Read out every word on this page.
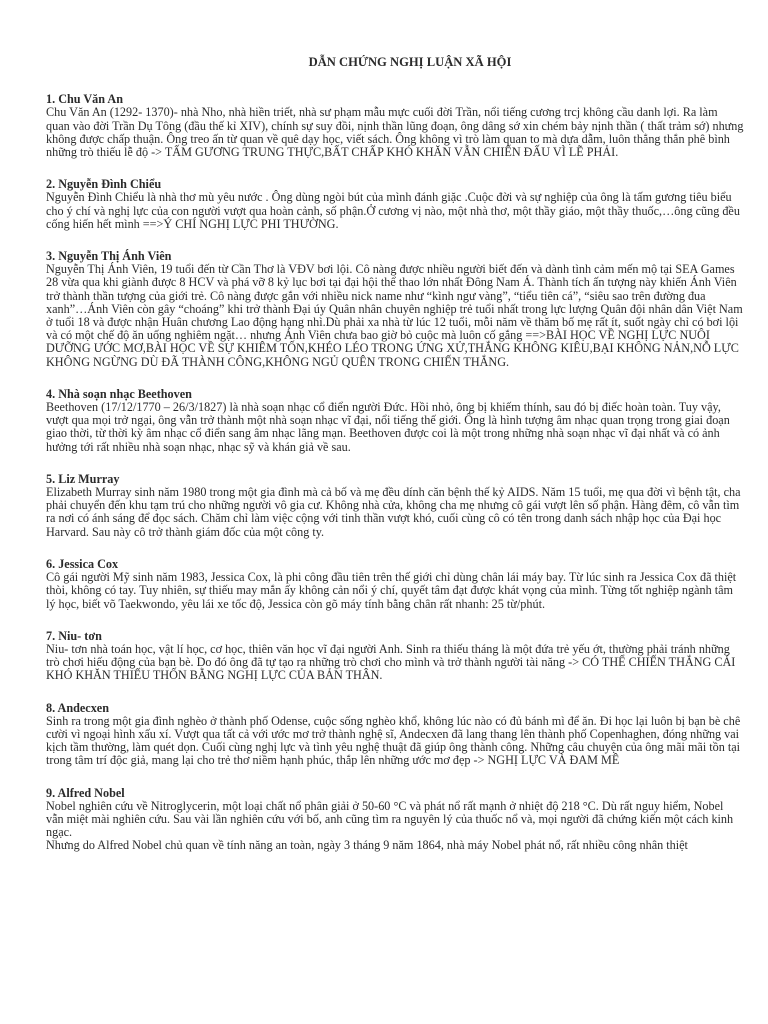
DẪN CHỨNG NGHỊ LUẬN XÃ HỘI
1. Chu Văn An

Chu Văn An (1292- 1370)- nhà Nho, nhà hiền triết, nhà sư phạm mẫu mực cuối đời Trần, nổi tiếng cương trcj không cầu danh lợi. Ra làm quan vào đời Trần Dụ Tông (đầu thế kỉ XIV), chính sự suy đồi, nịnh thần lũng đoạn, ông dâng sớ xin chém bảy nịnh thần ( thất trảm sớ) nhưng không được chấp thuận. Ông treo ấn từ quan về quê dạy học, viết sách. Ông không vì trò làm quan to mà dựa dẫm, luôn thẳng thắn phê bình những trò thiếu lễ độ -> TẤM GƯƠNG TRUNG THỰC,BẤT CHẤP KHÓ KHĂN VẪN CHIẾN ĐẤU VÌ LẼ PHẢI.

2. Nguyễn Đình Chiểu

Nguyễn Đình Chiểu là nhà thơ mù yêu nước . Ông dùng ngòi bút của mình đánh giặc .Cuộc đời và sự nghiệp của ông là tấm gương tiêu biểu cho ý chí và nghị lực của con người vượt qua hoàn cảnh, số phận.Ở cương vị nào, một nhà thơ, một thầy giáo, một thầy thuốc,…ông cũng đều cống hiến hết mình ==>Ý CHÍ NGHỊ LỰC PHI THƯỜNG.

3. Nguyễn Thị Ánh Viên

Nguyễn Thị Ánh Viên, 19 tuổi đến từ Cần Thơ là VĐV bơi lội. Cô nàng được nhiều người biết đến và dành tình cảm mến mộ tại SEA Games 28 vừa qua khi giành được 8 HCV và phá vỡ 8 kỷ lục bơi tại đại hội thể thao lớn nhất Đông Nam Á. Thành tích ấn tượng này khiến Ánh Viên trở thành thần tượng của giới trẻ. Cô nàng được gắn với nhiều nick name như “kình ngư vàng”, “tiểu tiên cá”, “siêu sao trên đường đua xanh”…Ánh Viên còn gây “choáng” khi trở thành Đại úy Quân nhân chuyên nghiệp trẻ tuổi nhất trong lực lượng Quân đội nhân dân Việt Nam ở tuổi 18 và được nhận Huân chương Lao động hạng nhì.Dù phải xa nhà từ lúc 12 tuổi, mỗi năm về thăm bố mẹ rất ít, suốt ngày chỉ có bơi lội và có một chế độ ăn uống nghiêm ngặt… nhưng Ánh Viên chưa bao giờ bỏ cuộc mà luôn cố gắng ==>BÀI HỌC VỀ NGHỊ LỰC NUÔI DƯỠNG ƯỚC MƠ,BÀI HỌC VỀ SỰ KHIÊM TỐN,KHÉO LÉO TRONG ỨNG XỬ,THẮNG KHÔNG KIÊU,BẠI KHÔNG NẢN,NỖ LỰC KHÔNG NGỪNG DÙ ĐÃ THÀNH CÔNG,KHÔNG NGỦ QUÊN TRONG CHIẾN THẮNG.

4. Nhà soạn nhạc Beethoven

Beethoven (17/12/1770 – 26/3/1827) là nhà soạn nhạc cổ điển người Đức. Hồi nhỏ, ông bị khiếm thính, sau đó bị điếc hoàn toàn. Tuy vậy, vượt qua mọi trở ngại, ông vẫn trở thành một nhà soạn nhạc vĩ đại, nổi tiếng thế giới. Ông là hình tượng âm nhạc quan trọng trong giai đoạn giao thời, từ thời kỳ âm nhạc cổ điển sang âm nhạc lãng mạn. Beethoven được coi là một trong những nhà soạn nhạc vĩ đại nhất và có ảnh hưởng tới rất nhiều nhà soạn nhạc, nhạc sỹ và khán giả về sau.

5. Liz Murray

Elizabeth Murray sinh năm 1980 trong một gia đình mà cả bố và mẹ đều dính căn bệnh thế kỷ AIDS. Năm 15 tuổi, mẹ qua đời vì bệnh tật, cha phải chuyển đến khu tạm trú cho những người vô gia cư. Không nhà cửa, không cha mẹ nhưng cô gái vượt lên số phận. Hàng đêm, cô vẫn tìm ra nơi có ánh sáng để đọc sách. Chăm chỉ làm việc cộng với tinh thần vượt khó, cuối cùng cô có tên trong danh sách nhập học của Đại học Harvard. Sau này cô trở thành giám đốc của một công ty.

6. Jessica Cox

Cô gái người Mỹ sinh năm 1983, Jessica Cox, là phi công đầu tiên trên thế giới chỉ dùng chân lái máy bay. Từ lúc sinh ra Jessica Cox đã thiệt thòi, không có tay. Tuy nhiên, sự thiếu may mắn ấy không cản nổi ý chí, quyết tâm đạt được khát vọng của mình. Từng tốt nghiệp ngành tâm lý học, biết võ Taekwondo, yêu lái xe tốc độ, Jessica còn gõ máy tính bằng chân rất nhanh: 25 từ/phút.

7. Niu- tơn

Niu- tơn nhà toán học, vật lí học, cơ học, thiên văn học vĩ đại người Anh. Sinh ra thiếu tháng là một đứa trẻ yếu ớt, thường phải tránh những trò chơi hiếu động của bạn bè. Do đó ông đã tự tạo ra những trò chơi cho mình và trở thành người tài năng -> CÓ THỂ CHIẾN THẮNG CÁI KHÓ KHĂN THIẾU THỐN BẰNG NGHỊ LỰC CỦA BẢN THÂN.

8. Andecxen

Sinh ra trong một gia đình nghèo ở thành phố Odense, cuộc sống nghèo khổ, không lúc nào có đủ bánh mì để ăn. Đi học lại luôn bị bạn bè chê cười vì ngoại hình xấu xí. Vượt qua tất cả với ước mơ trở thành nghệ sĩ, Andecxen đã lang thang lên thành phố Copenhaghen, đóng những vai kịch tầm thường, làm quét dọn. Cuối cùng nghị lực và tình yêu nghệ thuật đã giúp ông thành công. Những câu chuyện của ông mãi mãi tồn tại trong tâm trí độc giả, mang lại cho trẻ thơ niềm hạnh phúc, thắp lên những ước mơ đẹp -> NGHỊ LỰC VÀ ĐAM MÊ

9. Alfred Nobel

Nobel nghiên cứu về Nitroglycerin, một loại chất nổ phân giải ở 50-60 °C và phát nổ rất mạnh ở nhiệt độ 218 °C. Dù rất nguy hiểm, Nobel vẫn miệt mài nghiên cứu. Sau vài lần nghiên cứu với bố, anh cũng tìm ra nguyên lý của thuốc nổ và, mọi người đã chứng kiến một cách kinh ngạc.

Nhưng do Alfred Nobel chủ quan về tính năng an toàn, ngày 3 tháng 9 năm 1864, nhà máy Nobel phát nổ, rất nhiều công nhân thiệt
